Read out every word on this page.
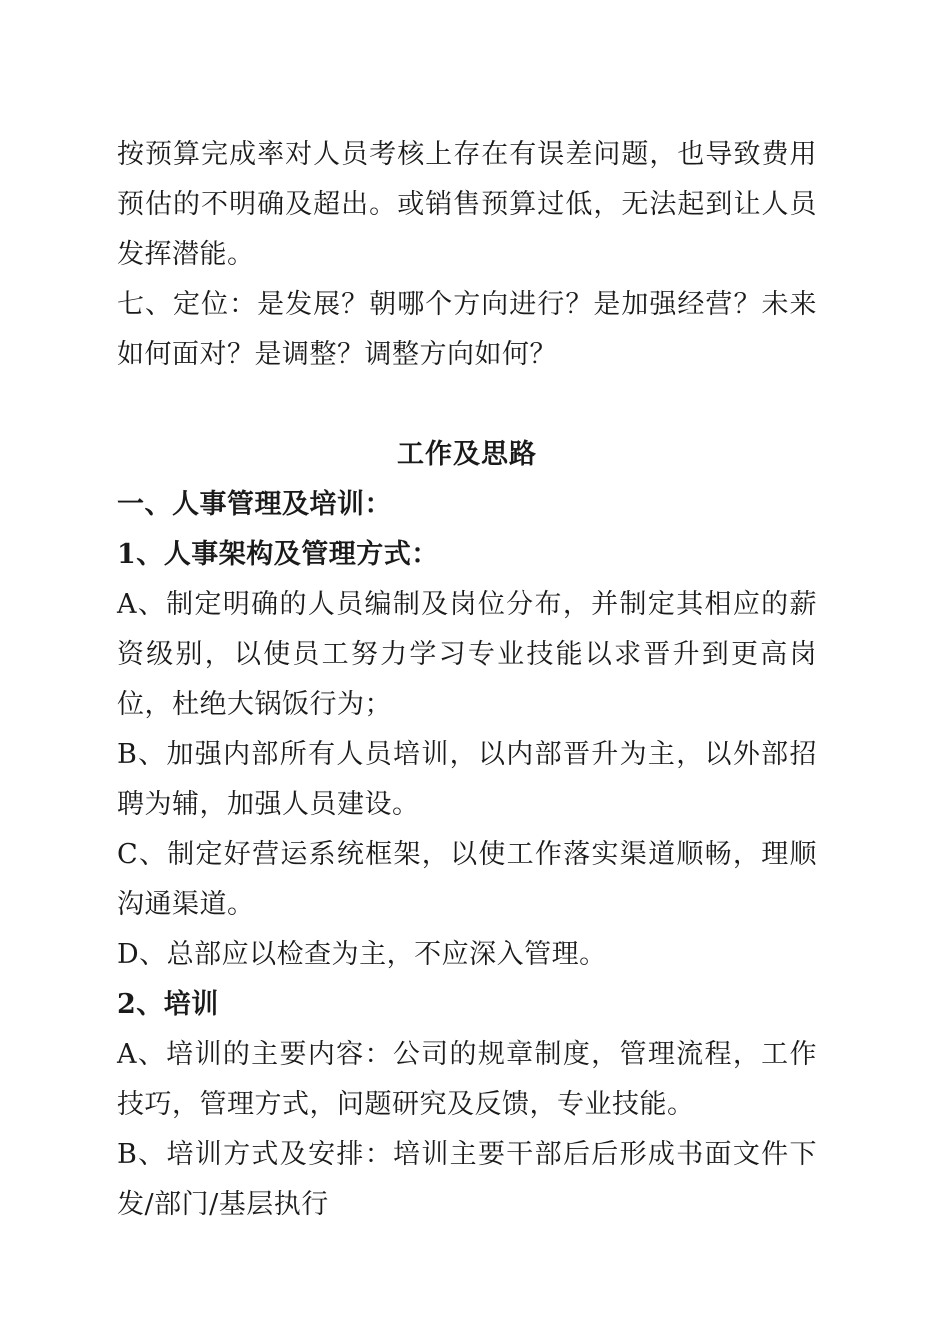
按预算完成率对人员考核上存在有误差问题，也导致费用预估的不明确及超出。或销售预算过低，无法起到让人员发挥潜能。

七、定位：是发展？朝哪个方向进行？是加强经营？未来如何面对？是调整？调整方向如何？

工作及思路

一、人事管理及培训：

1、人事架构及管理方式：

A、制定明确的人员编制及岗位分布，并制定其相应的薪资级别，以使员工努力学习专业技能以求晋升到更高岗位，杜绝大锅饭行为；

B、加强内部所有人员培训，以内部晋升为主，以外部招聘为辅，加强人员建设。

C、制定好营运系统框架，以使工作落实渠道顺畅，理顺沟通渠道。

D、总部应以检查为主，不应深入管理。

2、培训

A、培训的主要内容：公司的规章制度，管理流程，工作技巧，管理方式，问题研究及反馈，专业技能。

B、培训方式及安排：培训主要干部后后形成书面文件下发/部门/基层执行
